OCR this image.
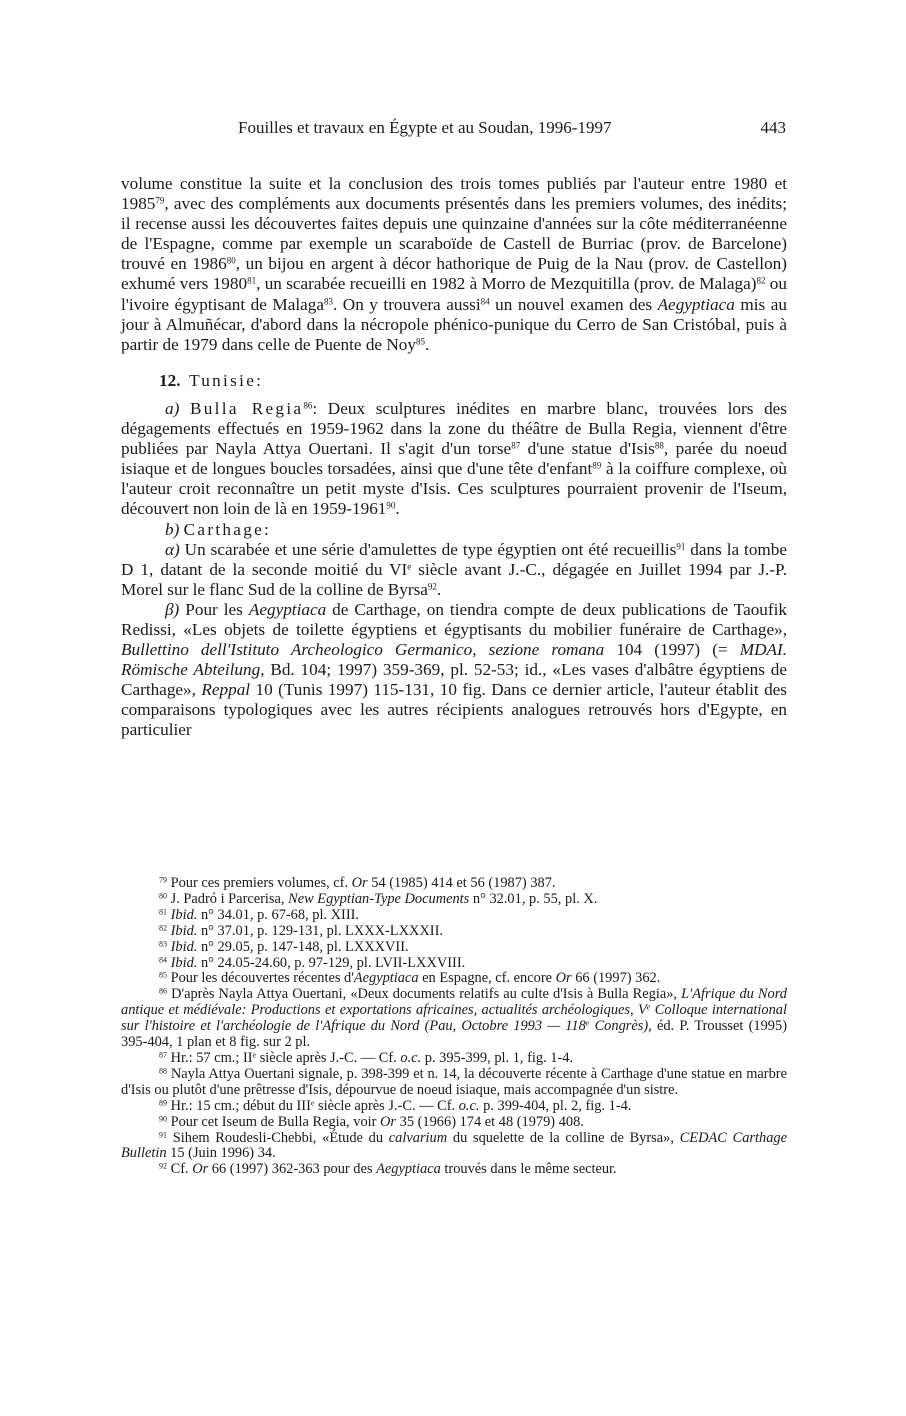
Fouilles et travaux en Égypte et au Soudan, 1996-1997	443

volume constitue la suite et la conclusion des trois tomes publiés par l'auteur entre 1980 et 1985$^{79}$, avec des compléments aux documents présentés dans les premiers volumes, des inédits; il recense aussi les découvertes faites depuis une quinzaine d'années sur la côte méditerranéenne de l'Espagne, comme par exemple un scaraboïde de Castell de Burriac (prov. de Barcelone) trouvé en 1986$^{80}$, un bijou en argent à décor hathorique de Puig de la Nau (prov. de Castellon) exhumé vers 1980$^{81}$, un scarabée recueilli en 1982 à Morro de Mezquitilla (prov. de Malaga)$^{82}$ ou l'ivoire égyptisant de Malaga$^{83}$. On y trouvera aussi$^{84}$ un nouvel examen des Aegyptiaca mis au jour à Almuñécar, d'abord dans la nécropole phénico-punique du Cerro de San Cristóbal, puis à partir de 1979 dans celle de Puente de Noy$^{85}$.

12. Tunisie:

a) Bulla Regia$^{86}$: Deux sculptures inédites en marbre blanc, trouvées lors des dégagements effectués en 1959-1962 dans la zone du théâtre de Bulla Regia, viennent d'être publiées par Nayla Attya Ouertani. Il s'agit d'un torse$^{87}$ d'une statue d'Isis$^{88}$, parée du noeud isiaque et de longues boucles torsadées, ainsi que d'une tête d'enfant$^{89}$ à la coiffure complexe, où l'auteur croit reconnaître un petit myste d'Isis. Ces sculptures pourraient provenir de l'Iseum, découvert non loin de là en 1959-1961$^{90}$.

b) Carthage:

α) Un scarabée et une série d'amulettes de type égyptien ont été recueillis$^{91}$ dans la tombe D 1, datant de la seconde moitié du VIe siècle avant J.-C., dégagée en Juillet 1994 par J.-P. Morel sur le flanc Sud de la colline de Byrsa$^{92}$.

β) Pour les Aegyptiaca de Carthage, on tiendra compte de deux publications de Taoufik Redissi, «Les objets de toilette égyptiens et égyptisants du mobilier funéraire de Carthage», Bullettino dell'Istituto Archeologico Germanico, sezione romana 104 (1997) (= MDAI. Römische Abteilung, Bd. 104; 1997) 359-369, pl. 52-53; id., «Les vases d'albâtre égyptiens de Carthage», Reppal 10 (Tunis 1997) 115-131, 10 fig. Dans ce dernier article, l'auteur établit des comparaisons typologiques avec les autres récipients analogues retrouvés hors d'Egypte, en particulier

$^{79}$ Pour ces premiers volumes, cf. Or 54 (1985) 414 et 56 (1987) 387.

$^{80}$ J. Padró i Parcerisa, New Egyptian-Type Documents n° 32.01, p. 55, pl. X.

$^{81}$ Ibid. n° 34.01, p. 67-68, pl. XIII.

$^{82}$ Ibid. n° 37.01, p. 129-131, pl. LXXX-LXXXII.

$^{83}$ Ibid. n° 29.05, p. 147-148, pl. LXXXVII.

$^{84}$ Ibid. n° 24.05-24.60, p. 97-129, pl. LVII-LXXVIII.

$^{85}$ Pour les découvertes récentes d'Aegyptiaca en Espagne, cf. encore Or 66 (1997) 362.

$^{86}$ D'après Nayla Attya Ouertani, «Deux documents relatifs au culte d'Isis à Bulla Regia», L'Afrique du Nord antique et médiévale: Productions et exportations africaines, actualités archéologiques, Ve Colloque international sur l'histoire et l'archéologie de l'Afrique du Nord (Pau, Octobre 1993 — 118e Congrès), éd. P. Trousset (1995) 395-404, 1 plan et 8 fig. sur 2 pl.

$^{87}$ Hr.: 57 cm.; IIe siècle après J.-C. — Cf. o.c. p. 395-399, pl. 1, fig. 1-4.

$^{88}$ Nayla Attya Ouertani signale, p. 398-399 et n. 14, la découverte récente à Carthage d'une statue en marbre d'Isis ou plutôt d'une prêtresse d'Isis, dépourvue de noeud isiaque, mais accompagnée d'un sistre.

$^{89}$ Hr.: 15 cm.; début du IIIe siècle après J.-C. — Cf. o.c. p. 399-404, pl. 2, fig. 1-4.

$^{90}$ Pour cet Iseum de Bulla Regia, voir Or 35 (1966) 174 et 48 (1979) 408.

$^{91}$ Sihem Roudesli-Chebbi, «Étude du calvarium du squelette de la colline de Byrsa», CEDAC Carthage Bulletin 15 (Juin 1996) 34.

$^{92}$ Cf. Or 66 (1997) 362-363 pour des Aegyptiaca trouvés dans le même secteur.
